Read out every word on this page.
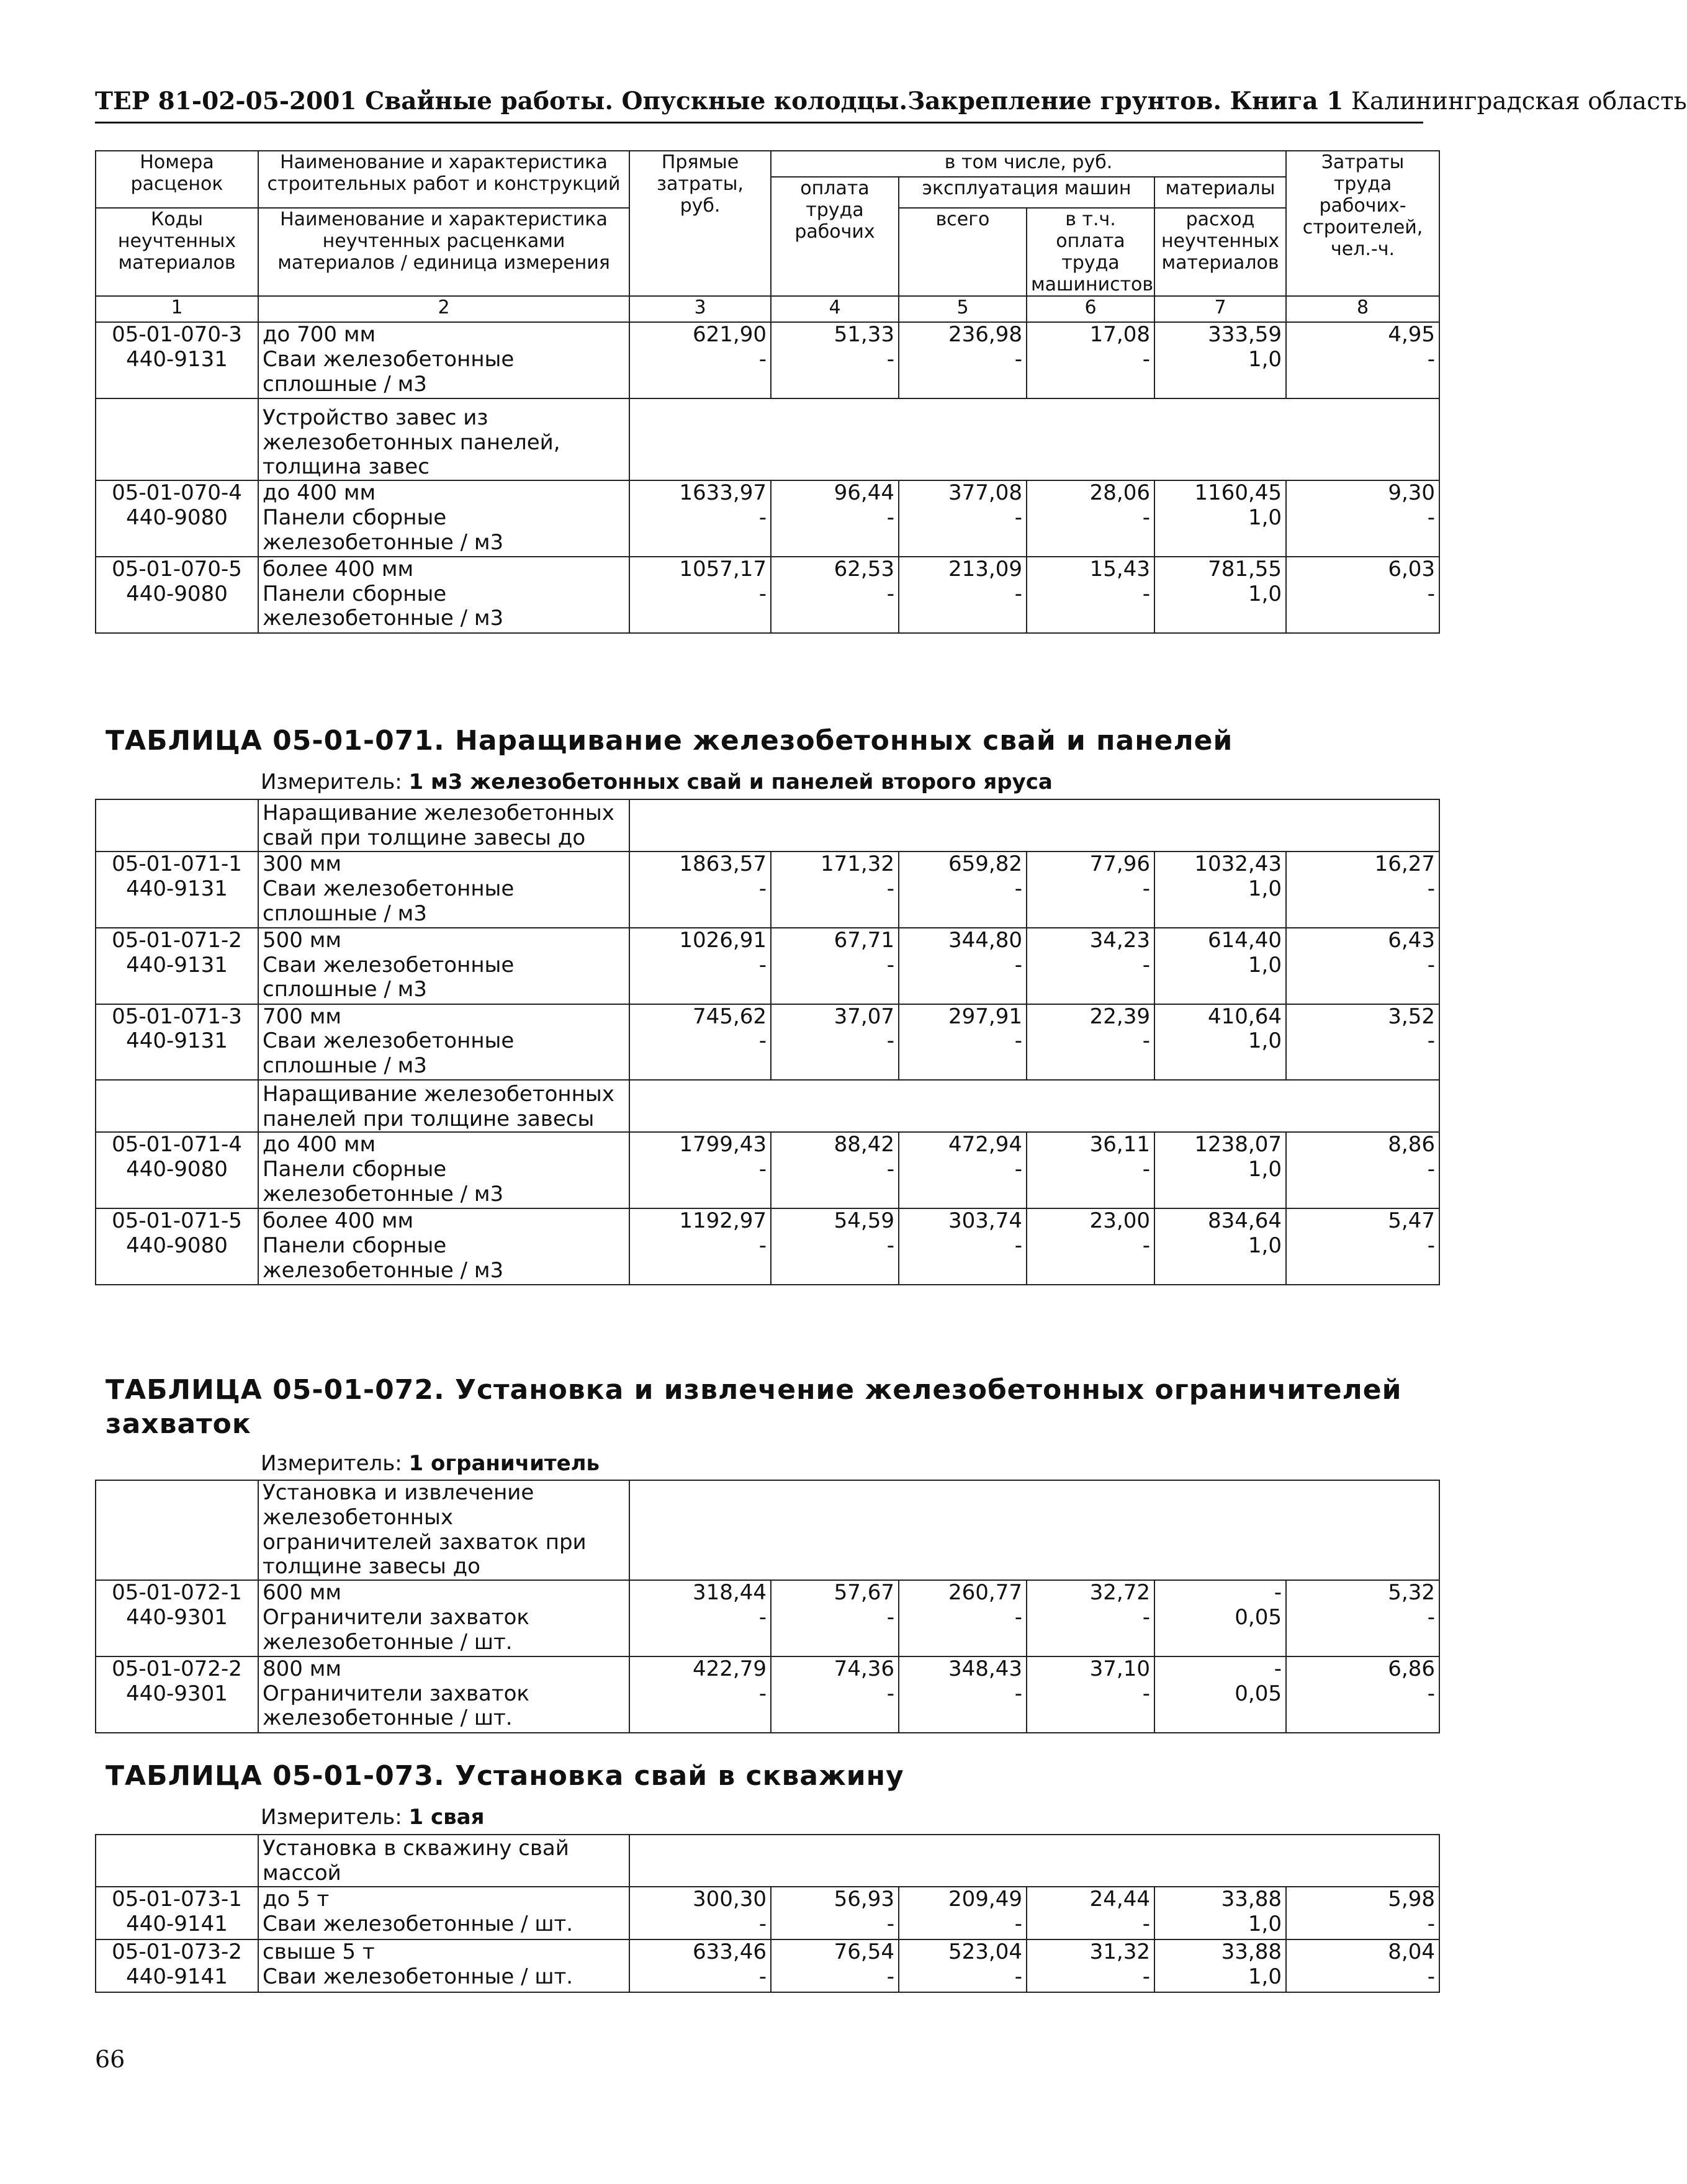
ТЕР 81-02-05-2001 Свайные работы. Опускные колодцы.Закрепление грунтов. Книга 1 Калининградская область
Номера расценок	Наименование и характеристика строительных работ и конструкций	Прямые затраты, руб.	в том числе, руб.				Затраты труда рабочих-строителей, чел.-ч.
			оплата труда рабочих	эксплуатация машин		материалы	
Коды неучтенных материалов	Наименование и характеристика неучтенных расценками материалов / единица измерения			всего	в т.ч. оплата труда машинистов	расход неучтенных материалов	

1	2	3	4	5	6	7	8
05-01-070-3	до 700 мм	621,90	51,33	236,98	17,08	333,59	4,95
440-9131	Сваи железобетонные сплошные / м3	-	-	-	-	1,0	-
	Устройство завес из железобетонных панелей, толщина завес						
05-01-070-4	до 400 мм	1633,97	96,44	377,08	28,06	1160,45	9,30
440-9080	Панели сборные железобетонные / м3	-	-	-	-	1,0	-
05-01-070-5	более 400 мм	1057,17	62,53	213,09	15,43	781,55	6,03
440-9080	Панели сборные железобетонные / м3	-	-	-	-	1,0	-
ТАБЛИЦА 05-01-071. Наращивание железобетонных свай и панелей
Измеритель: 1 м3 железобетонных свай и панелей второго яруса
	Наращивание железобетонных свай при толщине завесы до						
05-01-071-1	300 мм	1863,57	171,32	659,82	77,96	1032,43	16,27
440-9131	Сваи железобетонные сплошные / м3	-	-	-	-	1,0	-
05-01-071-2	500 мм	1026,91	67,71	344,80	34,23	614,40	6,43
440-9131	Сваи железобетонные сплошные / м3	-	-	-	-	1,0	-
05-01-071-3	700 мм	745,62	37,07	297,91	22,39	410,64	3,52
440-9131	Сваи железобетонные сплошные / м3	-	-	-	-	1,0	-
	Наращивание железобетонных панелей при толщине завесы						
05-01-071-4	до 400 мм	1799,43	88,42	472,94	36,11	1238,07	8,86
440-9080	Панели сборные железобетонные / м3	-	-	-	-	1,0	-
05-01-071-5	более 400 мм	1192,97	54,59	303,74	23,00	834,64	5,47
440-9080	Панели сборные железобетонные / м3	-	-	-	-	1,0	-
ТАБЛИЦА 05-01-072. Установка и извлечение железобетонных ограничителей захваток
Измеритель: 1 ограничитель
	Установка и извлечение железобетонных ограничителей захваток при толщине завесы до						
05-01-072-1	600 мм	318,44	57,67	260,77	32,72	-	5,32
440-9301	Ограничители захваток железобетонные / шт.	-	-	-	-	0,05	-
05-01-072-2	800 мм	422,79	74,36	348,43	37,10	-	6,86
440-9301	Ограничители захваток железобетонные / шт.	-	-	-	-	0,05	-
ТАБЛИЦА 05-01-073. Установка свай в скважину
Измеритель: 1 свая
	Установка в скважину свай массой						
05-01-073-1	до 5 т	300,30	56,93	209,49	24,44	33,88	5,98
440-9141	Сваи железобетонные / шт.	-	-	-	-	1,0	-
05-01-073-2	свыше 5 т	633,46	76,54	523,04	31,32	33,88	8,04
440-9141	Сваи железобетонные / шт.	-	-	-	-	1,0	-
66
